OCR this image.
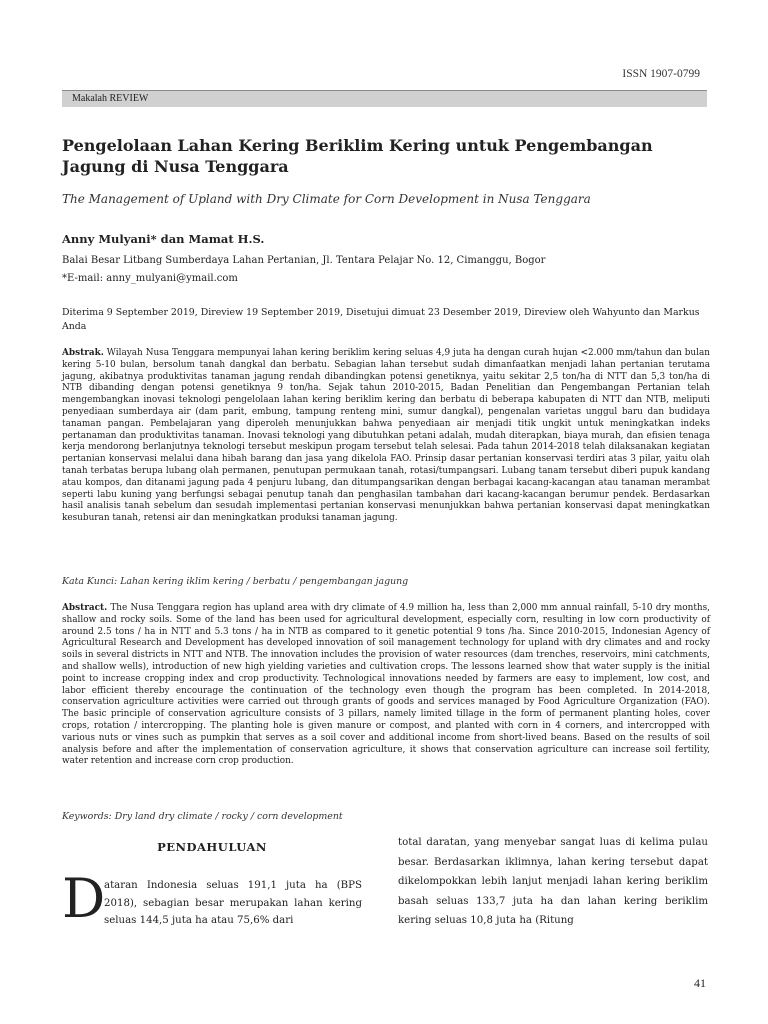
ISSN 1907-0799
Makalah REVIEW
Pengelolaan Lahan Kering Beriklim Kering untuk Pengembangan Jagung di Nusa Tenggara
The Management of Upland with Dry Climate for Corn Development in Nusa Tenggara
Anny Mulyani* dan Mamat H.S.
Balai Besar Litbang Sumberdaya Lahan Pertanian, Jl. Tentara Pelajar No. 12, Cimanggu, Bogor
*E-mail: anny_mulyani@ymail.com
Diterima 9 September 2019, Direview 19 September 2019, Disetujui dimuat 23 Desember 2019, Direview oleh Wahyunto dan Markus Anda
Abstrak. Wilayah Nusa Tenggara mempunyai lahan kering beriklim kering seluas 4,9 juta ha dengan curah hujan <2.000 mm/tahun dan bulan kering 5-10 bulan, bersolum tanah dangkal dan berbatu. Sebagian lahan tersebut sudah dimanfaatkan menjadi lahan pertanian terutama jagung, akibatnya produktivitas tanaman jagung rendah dibandingkan potensi genetiknya, yaitu sekitar 2,5 ton/ha di NTT dan 5,3 ton/ha di NTB dibanding dengan potensi genetiknya 9 ton/ha. Sejak tahun 2010-2015, Badan Penelitian dan Pengembangan Pertanian telah mengembangkan inovasi teknologi pengelolaan lahan kering beriklim kering dan berbatu di beberapa kabupaten di NTT dan NTB, meliputi penyediaan sumberdaya air (dam parit, embung, tampung renteng mini, sumur dangkal), pengenalan varietas unggul baru dan budidaya tanaman pangan. Pembelajaran yang diperoleh menunjukkan bahwa penyediaan air menjadi titik ungkit untuk meningkatkan indeks pertanaman dan produktivitas tanaman. Inovasi teknologi yang dibutuhkan petani adalah, mudah diterapkan, biaya murah, dan efisien tenaga kerja mendorong berlanjutnya teknologi tersebut meskipun progam tersebut telah selesai. Pada tahun 2014-2018 telah dilaksanakan kegiatan pertanian konservasi melalui dana hibah barang dan jasa yang dikelola FAO. Prinsip dasar pertanian konservasi terdiri atas 3 pilar, yaitu olah tanah terbatas berupa lubang olah permanen, penutupan permukaan tanah, rotasi/tumpangsari. Lubang tanam tersebut diberi pupuk kandang atau kompos, dan ditanami jagung pada 4 penjuru lubang, dan ditumpangsarikan dengan berbagai kacang-kacangan atau tanaman merambat seperti labu kuning yang berfungsi sebagai penutup tanah dan penghasilan tambahan dari kacang-kacangan berumur pendek. Berdasarkan hasil analisis tanah sebelum dan sesudah implementasi pertanian konservasi menunjukkan bahwa pertanian konservasi dapat meningkatkan kesuburan tanah, retensi air dan meningkatkan produksi tanaman jagung.
Kata Kunci: Lahan kering iklim kering / berbatu / pengembangan jagung
Abstract. The Nusa Tenggara region has upland area with dry climate of 4.9 million ha, less than 2,000 mm annual rainfall, 5-10 dry months, shallow and rocky soils. Some of the land has been used for agricultural development, especially corn, resulting in low corn productivity of around 2.5 tons / ha in NTT and 5.3 tons / ha in NTB as compared to it genetic potential 9 tons /ha. Since 2010-2015, Indonesian Agency of Agricultural Research and Development has developed innovation of soil management technology for upland with dry climates and and rocky soils in several districts in NTT and NTB. The innovation includes the provision of water resources (dam trenches, reservoirs, mini catchments, and shallow wells), introduction of new high yielding varieties and cultivation crops. The lessons learned show that water supply is the initial point to increase cropping index and crop productivity. Technological innovations needed by farmers are easy to implement, low cost, and labor efficient thereby encourage the continuation of the technology even though the program has been completed. In 2014-2018, conservation agriculture activities were carried out through grants of goods and services managed by Food Agriculture Organization (FAO). The basic principle of conservation agriculture consists of 3 pillars, namely limited tillage in the form of permanent planting holes, cover crops, rotation / intercropping. The planting hole is given manure or compost, and planted with corn in 4 corners, and intercropped with various nuts or vines such as pumpkin that serves as a soil cover and additional income from short-lived beans. Based on the results of soil analysis before and after the implementation of conservation agriculture, it shows that conservation agriculture can increase soil fertility, water retention and increase corn crop production.
Keywords: Dry land dry climate / rocky / corn development
PENDAHULUAN
D
ataran Indonesia seluas 191,1 juta ha (BPS 2018), sebagian besar merupakan lahan kering seluas 144,5 juta ha atau 75,6% dari
total daratan, yang menyebar sangat luas di kelima pulau besar. Berdasarkan iklimnya, lahan kering tersebut dapat dikelompokkan lebih lanjut menjadi lahan kering beriklim basah seluas 133,7 juta ha dan lahan kering beriklim kering seluas 10,8 juta ha (Ritung
41
